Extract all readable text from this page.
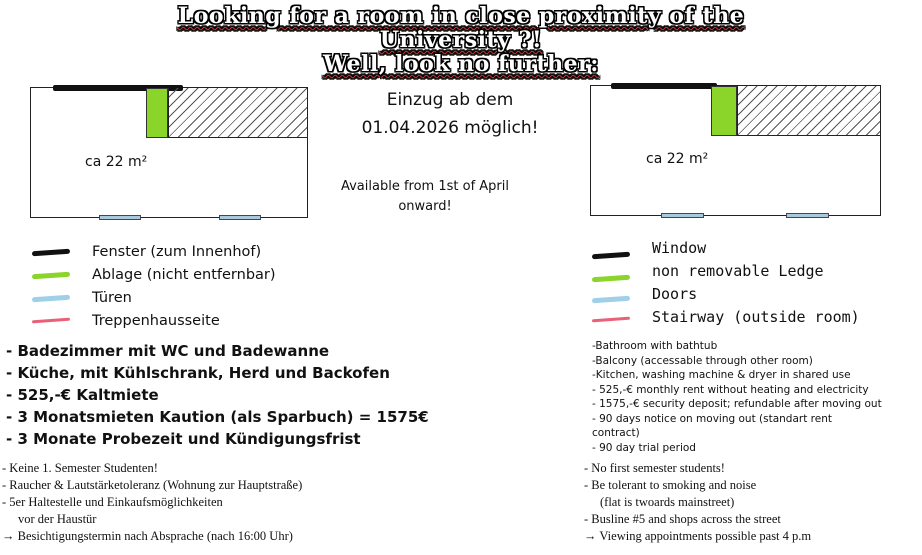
Looking for a room in close proximity of the
University ?!
Well, look no further:
ca 22 m²	ca 22 m²
Einzug ab dem
01.04.2026 möglich!
Available from 1st of April
onward!
Fenster (zum Innenhof)
Ablage (nicht entfernbar)
Türen
Treppenhausseite
Window
non removable Ledge
Doors
Stairway (outside room)
- Badezimmer mit WC und Badewanne
- Küche, mit Kühlschrank, Herd und Backofen
- 525,-€ Kaltmiete
- 3 Monatsmieten Kaution (als Sparbuch) = 1575€
- 3 Monate Probezeit und Kündigungsfrist
-Bathroom with bathtub
-Balcony (accessable through other room)
-Kitchen, washing machine & dryer in shared use
- 525,-€ monthly rent without heating and electricity
- 1575,-€ security deposit; refundable after moving out
- 90 days notice on moving out (standart rent
contract)
- 90 day trial period
- Keine 1. Semester Studenten!
- Raucher & Lautstärketoleranz (Wohnung zur Hauptstraße)
- 5er Haltestelle und Einkaufsmöglichkeiten
vor der Haustür
→ Besichtigungstermin nach Absprache (nach 16:00 Uhr)
- No first semester students!
- Be tolerant to smoking and noise
(flat is twoards mainstreet)
- Busline #5 and shops across the street
→ Viewing appointments possible past 4 p.m
